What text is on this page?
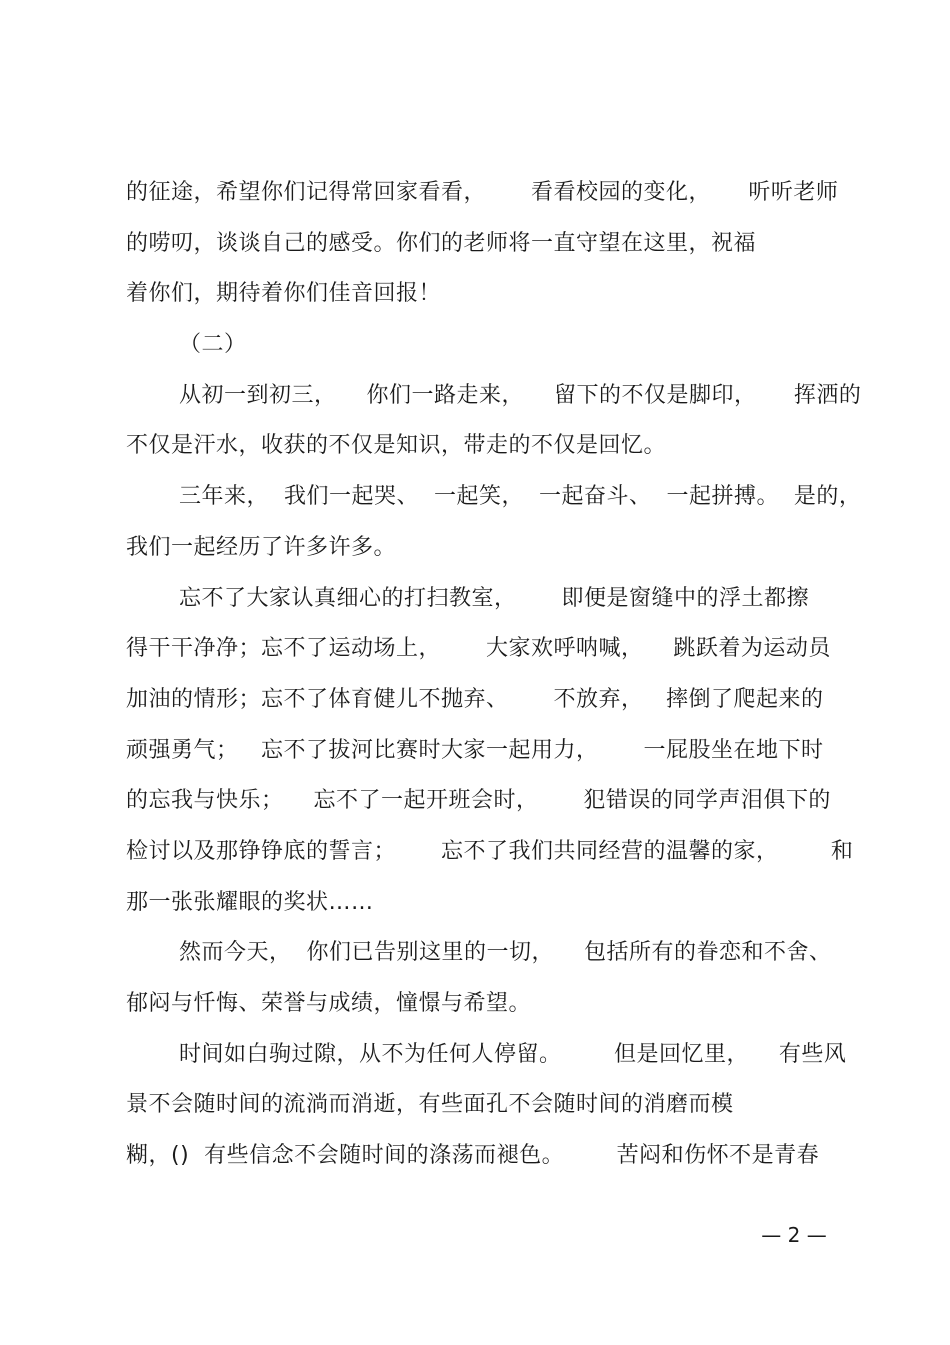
的征途，希望你们记得常回家看看，      看看校园的变化，     听听老师
的唠叨，谈谈自己的感受。你们的老师将一直守望在这里，祝福
着你们，期待着你们佳音回报！
（二）
从初一到初三，    你们一路走来，    留下的不仅是脚印，     挥洒的
不仅是汗水，收获的不仅是知识，带走的不仅是回忆。
三年来，  我们一起哭、  一起笑，  一起奋斗、  一起拼搏。  是的，
我们一起经历了许多许多。
忘不了大家认真细心的打扫教室，      即便是窗缝中的浮土都擦
得干干净净；忘不了运动场上，      大家欢呼呐喊，    跳跃着为运动员
加油的情形；忘不了体育健儿不抛弃、      不放弃，   摔倒了爬起来的
顽强勇气；   忘不了拔河比赛时大家一起用力，      一屁股坐在地下时
的忘我与快乐；    忘不了一起开班会时，      犯错误的同学声泪俱下的
检讨以及那铮铮底的誓言；      忘不了我们共同经营的温馨的家，       和
那一张张耀眼的奖状……
然而今天，  你们已告别这里的一切，    包括所有的眷恋和不舍、
郁闷与忏悔、荣誉与成绩，憧憬与希望。
时间如白驹过隙，从不为任何人停留。       但是回忆里，    有些风
景不会随时间的流淌而消逝，有些面孔不会随时间的消磨而模
糊，()  有些信念不会随时间的涤荡而褪色。       苦闷和伤怀不是青春
— 2 —
